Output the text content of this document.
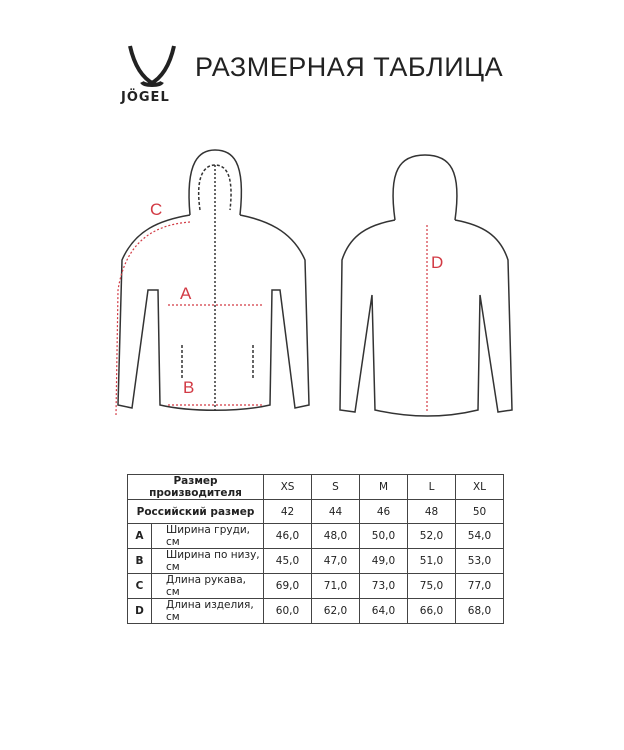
JÖGEL
РАЗМЕРНАЯ ТАБЛИЦА
C
A
B
D
Размер производителя		XS	S	M	L	XL
Российский размер		42	44	46	48	50
A	Ширина груди, см	46,0	48,0	50,0	52,0	54,0
B	Ширина по низу, см	45,0	47,0	49,0	51,0	53,0
C	Длина рукава, см	69,0	71,0	73,0	75,0	77,0
D	Длина изделия, см	60,0	62,0	64,0	66,0	68,0
